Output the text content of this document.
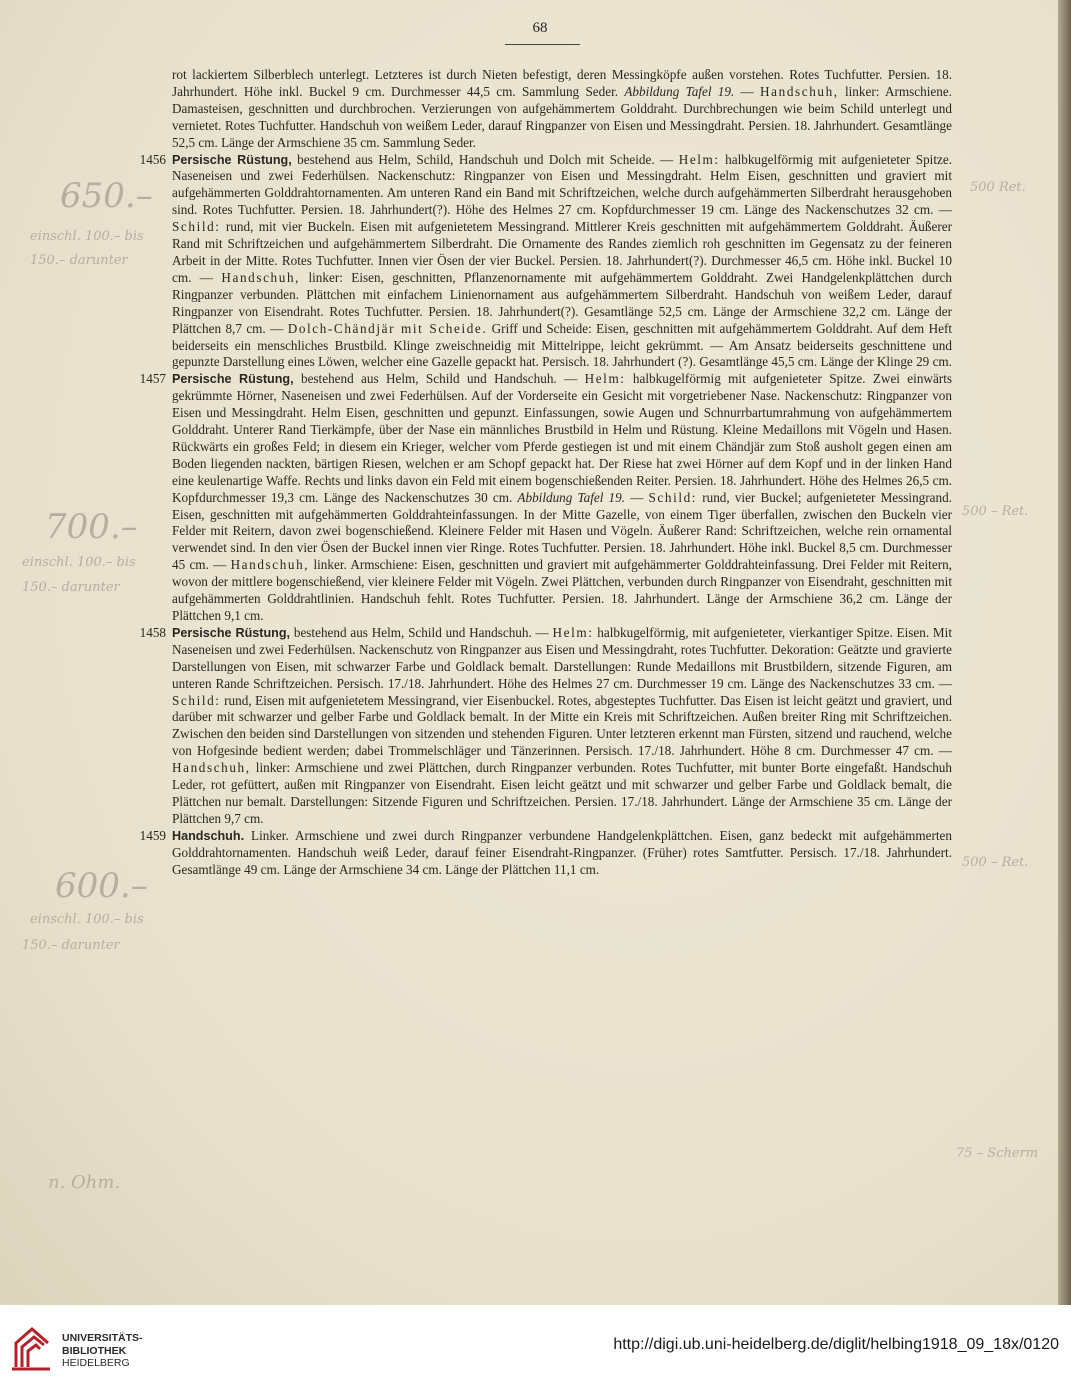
68
650.–
einschl. 100.– bis
150.– darunter
500 Ret.
700.–
einschl. 100.– bis
150.– darunter
500 – Ret.
600.–
einschl. 100.– bis
150.– darunter
500 – Ret.
n. Ohm.
75 – Scherm

rot lackiertem Silberblech unterlegt. Letzteres ist durch Nieten befestigt, deren Messingköpfe außen vorstehen. Rotes Tuchfutter. Persien. 18. Jahrhundert. Höhe inkl. Buckel 9 cm. Durchmesser 44,5 cm. Sammlung Seder. Abbildung Tafel 19. — Handschuh, linker: Armschiene. Damasteisen, geschnitten und durchbrochen. Verzierungen von aufgehämmertem Golddraht. Durchbrechungen wie beim Schild unterlegt und vernietet. Rotes Tuchfutter. Handschuh von weißem Leder, darauf Ringpanzer von Eisen und Messingdraht. Persien. 18. Jahrhundert. Gesamtlänge 52,5 cm. Länge der Armschiene 35 cm. Sammlung Seder.

1456 Persische Rüstung, bestehend aus Helm, Schild, Handschuh und Dolch mit Scheide. — Helm: halbkugelförmig mit aufgenieteter Spitze. Naseneisen und zwei Federhülsen. Nackenschutz: Ringpanzer von Eisen und Messingdraht. Helm Eisen, geschnitten und graviert mit aufgehämmerten Golddrahtornamenten. Am unteren Rand ein Band mit Schriftzeichen, welche durch aufgehämmerten Silberdraht herausgehoben sind. Rotes Tuchfutter. Persien. 18. Jahrhundert(?). Höhe des Helmes 27 cm. Kopfdurchmesser 19 cm. Länge des Nackenschutzes 32 cm. — Schild: rund, mit vier Buckeln. Eisen mit aufgenietetem Messingrand. Mittlerer Kreis geschnitten mit aufgehämmertem Golddraht. Äußerer Rand mit Schriftzeichen und aufgehämmertem Silberdraht. Die Ornamente des Randes ziemlich roh geschnitten im Gegensatz zu der feineren Arbeit in der Mitte. Rotes Tuchfutter. Innen vier Ösen der vier Buckel. Persien. 18. Jahrhundert(?). Durchmesser 46,5 cm. Höhe inkl. Buckel 10 cm. — Handschuh, linker: Eisen, geschnitten, Pflanzenornamente mit aufgehämmertem Golddraht. Zwei Handgelenkplättchen durch Ringpanzer verbunden. Plättchen mit einfachem Linienornament aus aufgehämmertem Silberdraht. Handschuh von weißem Leder, darauf Ringpanzer von Eisendraht. Rotes Tuchfutter. Persien. 18. Jahrhundert(?). Gesamtlänge 52,5 cm. Länge der Armschiene 32,2 cm. Länge der Plättchen 8,7 cm. — Dolch-Chändjär mit Scheide. Griff und Scheide: Eisen, geschnitten mit aufgehämmertem Golddraht. Auf dem Heft beiderseits ein menschliches Brustbild. Klinge zweischneidig mit Mittelrippe, leicht gekrümmt. — Am Ansatz beiderseits geschnittene und gepunzte Darstellung eines Löwen, welcher eine Gazelle gepackt hat. Persisch. 18. Jahrhundert (?). Gesamtlänge 45,5 cm. Länge der Klinge 29 cm.

1457 Persische Rüstung, bestehend aus Helm, Schild und Handschuh. — Helm: halbkugelförmig mit aufgenieteter Spitze. Zwei einwärts gekrümmte Hörner, Naseneisen und zwei Federhülsen. Auf der Vorderseite ein Gesicht mit vorgetriebener Nase. Nackenschutz: Ringpanzer von Eisen und Messingdraht. Helm Eisen, geschnitten und gepunzt. Einfassungen, sowie Augen und Schnurrbartumrahmung von aufgehämmertem Golddraht. Unterer Rand Tierkämpfe, über der Nase ein männliches Brustbild in Helm und Rüstung. Kleine Medaillons mit Vögeln und Hasen. Rückwärts ein großes Feld; in diesem ein Krieger, welcher vom Pferde gestiegen ist und mit einem Chändjär zum Stoß ausholt gegen einen am Boden liegenden nackten, bärtigen Riesen, welchen er am Schopf gepackt hat. Der Riese hat zwei Hörner auf dem Kopf und in der linken Hand eine keulenartige Waffe. Rechts und links davon ein Feld mit einem bogenschießenden Reiter. Persien. 18. Jahrhundert. Höhe des Helmes 26,5 cm. Kopfdurchmesser 19,3 cm. Länge des Nackenschutzes 30 cm. Abbildung Tafel 19. — Schild: rund, vier Buckel; aufgenieteter Messingrand. Eisen, geschnitten mit aufgehämmerten Golddrahteinfassungen. In der Mitte Gazelle, von einem Tiger überfallen, zwischen den Buckeln vier Felder mit Reitern, davon zwei bogenschießend. Kleinere Felder mit Hasen und Vögeln. Äußerer Rand: Schriftzeichen, welche rein ornamental verwendet sind. In den vier Ösen der Buckel innen vier Ringe. Rotes Tuchfutter. Persien. 18. Jahrhundert. Höhe inkl. Buckel 8,5 cm. Durchmesser 45 cm. — Handschuh, linker. Armschiene: Eisen, geschnitten und graviert mit aufgehämmerter Golddrahteinfassung. Drei Felder mit Reitern, wovon der mittlere bogenschießend, vier kleinere Felder mit Vögeln. Zwei Plättchen, verbunden durch Ringpanzer von Eisendraht, geschnitten mit aufgehämmerten Golddrahtlinien. Handschuh fehlt. Rotes Tuchfutter. Persien. 18. Jahrhundert. Länge der Armschiene 36,2 cm. Länge der Plättchen 9,1 cm.

1458 Persische Rüstung, bestehend aus Helm, Schild und Handschuh. — Helm: halbkugelförmig, mit aufgenieteter, vierkantiger Spitze. Eisen. Mit Naseneisen und zwei Federhülsen. Nackenschutz von Ringpanzer aus Eisen und Messingdraht, rotes Tuchfutter. Dekoration: Geätzte und gravierte Darstellungen von Eisen, mit schwarzer Farbe und Goldlack bemalt. Darstellungen: Runde Medaillons mit Brustbildern, sitzende Figuren, am unteren Rande Schriftzeichen. Persisch. 17./18. Jahrhundert. Höhe des Helmes 27 cm. Durchmesser 19 cm. Länge des Nackenschutzes 33 cm. — Schild: rund, Eisen mit aufgenietetem Messingrand, vier Eisenbuckel. Rotes, abgesteptes Tuchfutter. Das Eisen ist leicht geätzt und graviert, und darüber mit schwarzer und gelber Farbe und Goldlack bemalt. In der Mitte ein Kreis mit Schriftzeichen. Außen breiter Ring mit Schriftzeichen. Zwischen den beiden sind Darstellungen von sitzenden und stehenden Figuren. Unter letzteren erkennt man Fürsten, sitzend und rauchend, welche von Hofgesinde bedient werden; dabei Trommelschläger und Tänzerinnen. Persisch. 17./18. Jahrhundert. Höhe 8 cm. Durchmesser 47 cm. — Handschuh, linker: Armschiene und zwei Plättchen, durch Ringpanzer verbunden. Rotes Tuchfutter, mit bunter Borte eingefaßt. Handschuh Leder, rot gefüttert, außen mit Ringpanzer von Eisendraht. Eisen leicht geätzt und mit schwarzer und gelber Farbe und Goldlack bemalt, die Plättchen nur bemalt. Darstellungen: Sitzende Figuren und Schriftzeichen. Persien. 17./18. Jahrhundert. Länge der Armschiene 35 cm. Länge der Plättchen 9,7 cm.

1459 Handschuh. Linker. Armschiene und zwei durch Ringpanzer verbundene Handgelenkplättchen. Eisen, ganz bedeckt mit aufgehämmerten Golddrahtornamenten. Handschuh weiß Leder, darauf feiner Eisendraht-Ringpanzer. (Früher) rotes Samtfutter. Persisch. 17./18. Jahrhundert. Gesamtlänge 49 cm. Länge der Armschiene 34 cm. Länge der Plättchen 11,1 cm.

UNIVERSITÄTS-
BIBLIOTHEK
HEIDELBERG
http://digi.ub.uni-heidelberg.de/diglit/helbing1918_09_18x/0120
